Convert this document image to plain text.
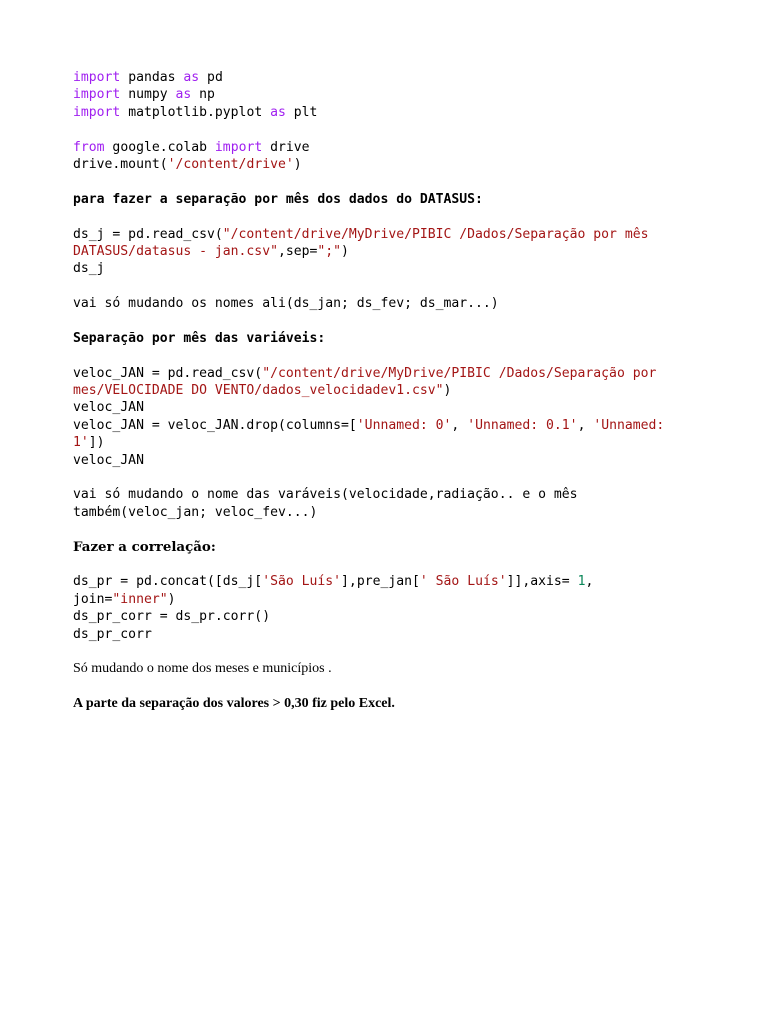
import pandas as pd
import numpy as np
import matplotlib.pyplot as plt
from google.colab import drive
drive.mount('/content/drive')
para fazer a separação por mês dos dados do DATASUS:
ds_j = pd.read_csv("/content/drive/MyDrive/PIBIC /Dados/Separação por mês
DATASUS/datasus - jan.csv",sep=";")
ds_j
vai só mudando os nomes ali(ds_jan; ds_fev; ds_mar...)
Separação por mês das variáveis:
veloc_JAN = pd.read_csv("/content/drive/MyDrive/PIBIC /Dados/Separação por
mes/VELOCIDADE DO VENTO/dados_velocidadev1.csv")
veloc_JAN
veloc_JAN = veloc_JAN.drop(columns=['Unnamed: 0', 'Unnamed: 0.1', 'Unnamed:
1'])
veloc_JAN
vai só mudando o nome das varáveis(velocidade,radiação.. e o mês
também(veloc_jan; veloc_fev...)
Fazer a correlação:
ds_pr = pd.concat([ds_j['São Luís'],pre_jan[' São Luís']],axis= 1,
join="inner")
ds_pr_corr = ds_pr.corr()
ds_pr_corr
Só mudando o nome dos meses e municípios .
A parte da separação dos valores > 0,30 fiz pelo Excel.
